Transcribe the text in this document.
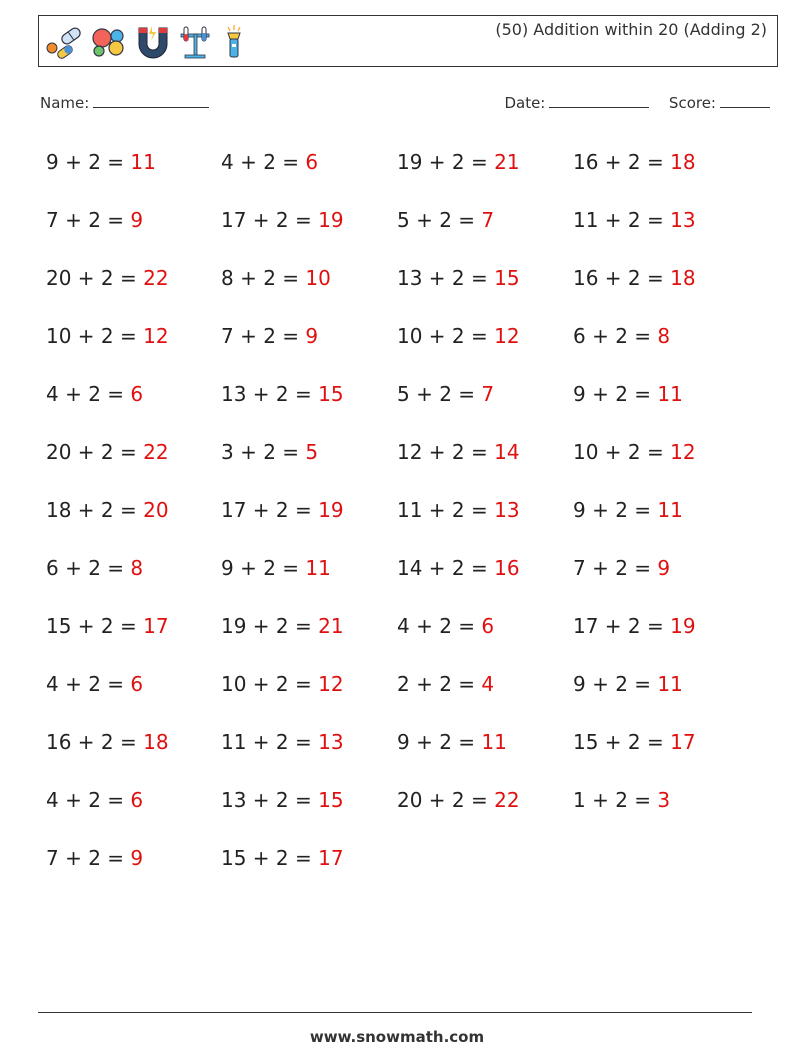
(50) Addition within 20 (Adding 2)
Name:	Date:	Score:
9 + 2 = 11	4 + 2 = 6	19 + 2 = 21	16 + 2 = 18
7 + 2 = 9	17 + 2 = 19	5 + 2 = 7	11 + 2 = 13
20 + 2 = 22	8 + 2 = 10	13 + 2 = 15	16 + 2 = 18
10 + 2 = 12	7 + 2 = 9	10 + 2 = 12	6 + 2 = 8
4 + 2 = 6	13 + 2 = 15	5 + 2 = 7	9 + 2 = 11
20 + 2 = 22	3 + 2 = 5	12 + 2 = 14	10 + 2 = 12
18 + 2 = 20	17 + 2 = 19	11 + 2 = 13	9 + 2 = 11
6 + 2 = 8	9 + 2 = 11	14 + 2 = 16	7 + 2 = 9
15 + 2 = 17	19 + 2 = 21	4 + 2 = 6	17 + 2 = 19
4 + 2 = 6	10 + 2 = 12	2 + 2 = 4	9 + 2 = 11
16 + 2 = 18	11 + 2 = 13	9 + 2 = 11	15 + 2 = 17
4 + 2 = 6	13 + 2 = 15	20 + 2 = 22	1 + 2 = 3
7 + 2 = 9	15 + 2 = 17
www.snowmath.com
